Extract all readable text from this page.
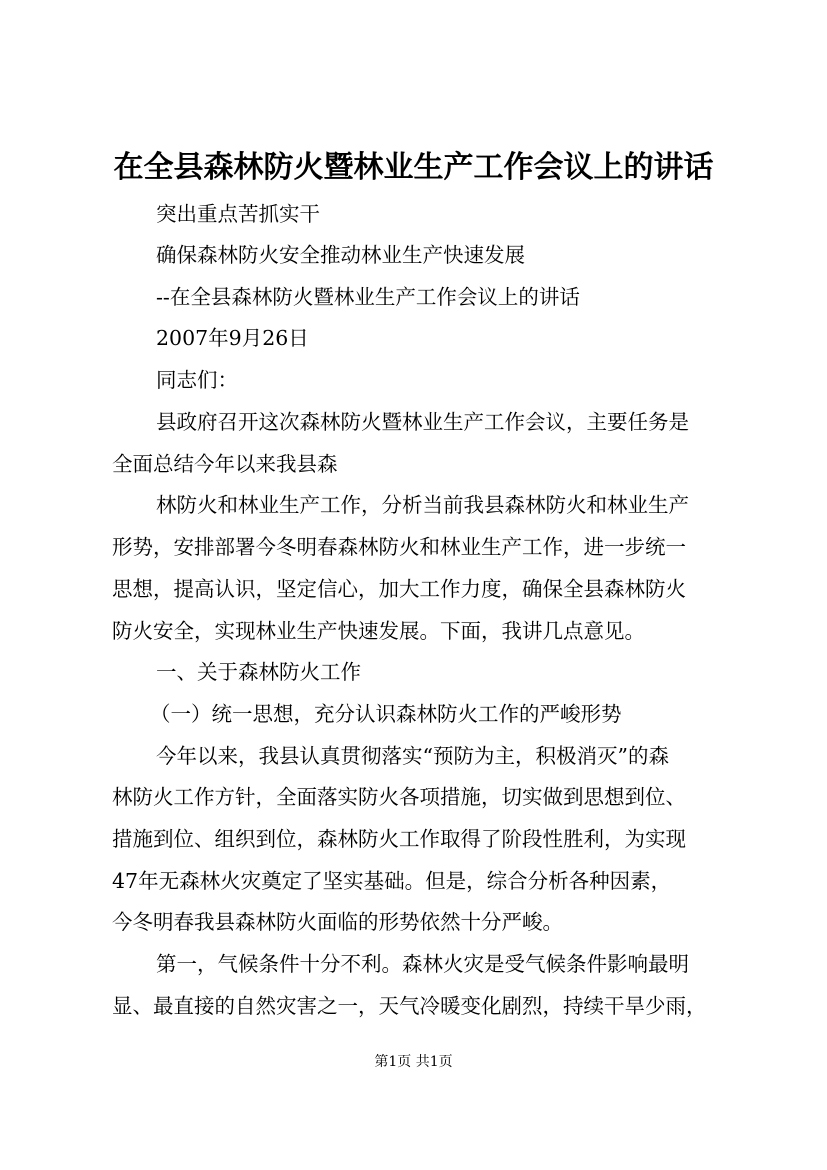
在全县森林防火暨林业生产工作会议上的讲话
突出重点苦抓实干
确保森林防火安全推动林业生产快速发展
--在全县森林防火暨林业生产工作会议上的讲话
2007年9月26日
同志们：
县政府召开这次森林防火暨林业生产工作会议，主要任务是
全面总结今年以来我县森
林防火和林业生产工作，分析当前我县森林防火和林业生产
形势，安排部署今冬明春森林防火和林业生产工作，进一步统一
思想，提高认识，坚定信心，加大工作力度，确保全县森林防火
防火安全，实现林业生产快速发展。下面，我讲几点意见。
一、关于森林防火工作
（一）统一思想，充分认识森林防火工作的严峻形势
今年以来，我县认真贯彻落实“预防为主，积极消灭”的森
林防火工作方针，全面落实防火各项措施，切实做到思想到位、
措施到位、组织到位，森林防火工作取得了阶段性胜利，为实现
47年无森林火灾奠定了坚实基础。但是，综合分析各种因素，
今冬明春我县森林防火面临的形势依然十分严峻。
第一，气候条件十分不利。森林火灾是受气候条件影响最明
显、最直接的自然灾害之一，天气冷暖变化剧烈，持续干旱少雨，
第1页 共1页
